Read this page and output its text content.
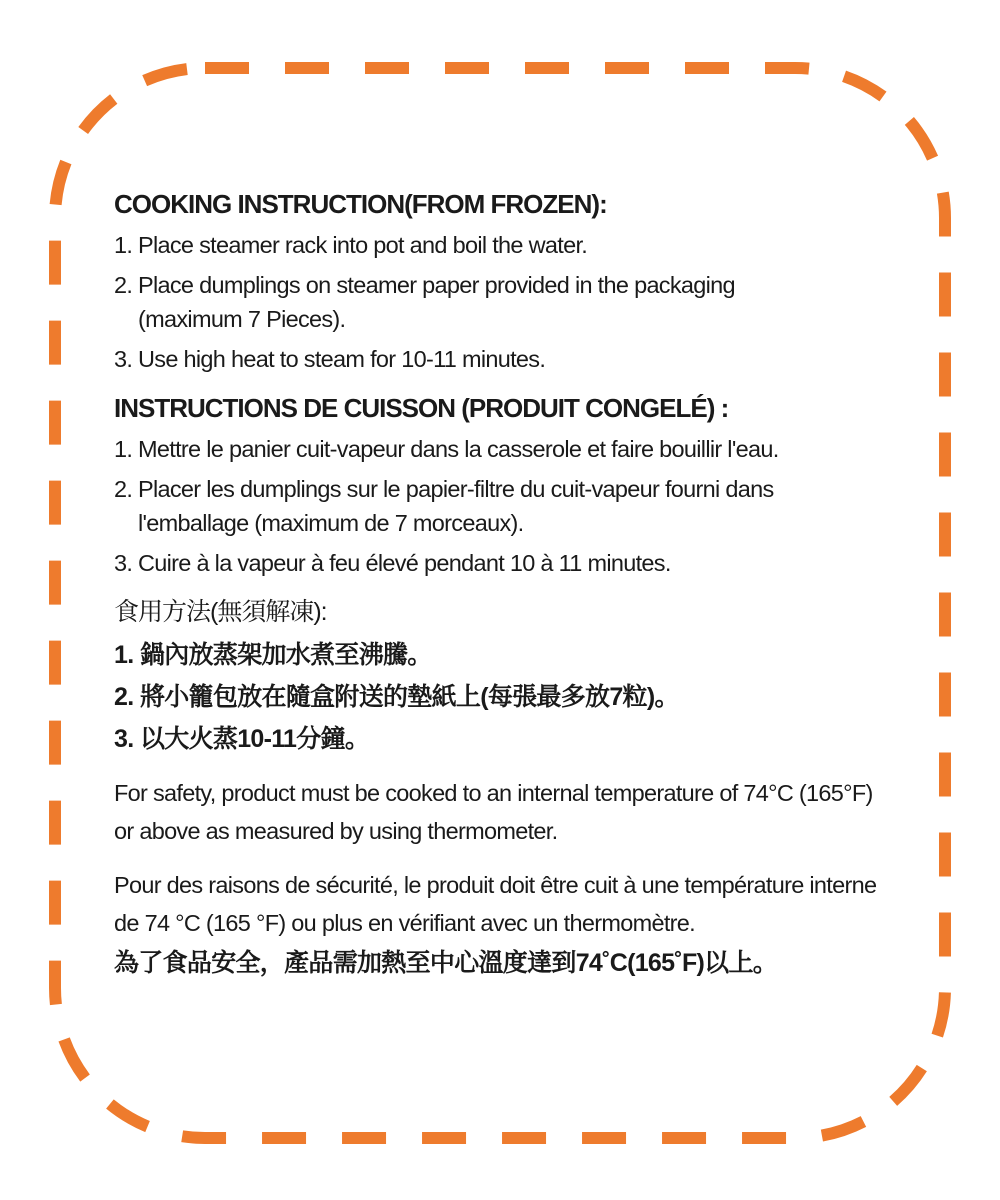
COOKING INSTRUCTION(FROM FROZEN):
1. Place steamer rack into pot and boil the water.
2. Place dumplings on steamer paper provided in the packaging (maximum 7 Pieces).
3. Use high heat to steam for 10-11 minutes.
INSTRUCTIONS DE CUISSON (PRODUIT CONGELÉ) :
1. Mettre le panier cuit-vapeur dans la casserole et faire bouillir l'eau.
2. Placer les dumplings sur le papier-filtre du cuit-vapeur fourni dans l'emballage (maximum de 7 morceaux).
3. Cuire à la vapeur à feu élevé pendant 10 à 11 minutes.
食用方法(無須解凍):
1. 鍋內放蒸架加水煮至沸騰。
2. 將小籠包放在隨盒附送的墊紙上(每張最多放7粒)。
3. 以大火蒸10-11分鐘。
For safety, product must be cooked to an internal temperature of 74°C (165°F) or above as measured by using thermometer.
Pour des raisons de sécurité, le produit doit être cuit à une température interne de 74 °C (165 °F) ou plus en vérifiant avec un thermomètre.
為了食品安全，產品需加熱至中心溫度達到74˚C(165˚F)以上。
